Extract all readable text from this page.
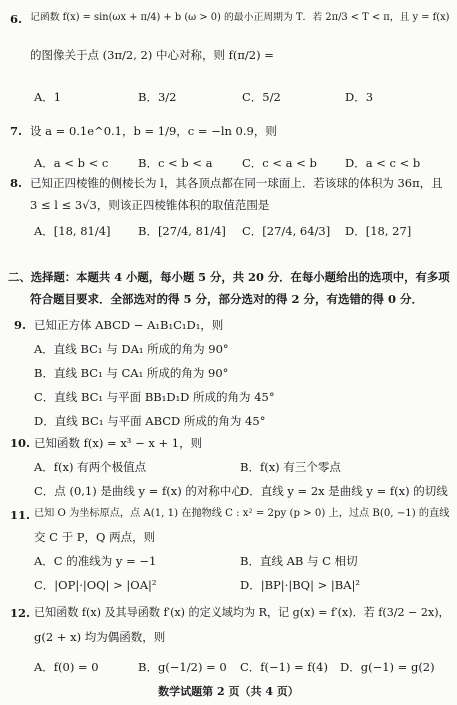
6. 记函数 f(x) = sin(ωx + π/4) + b (ω > 0) 的最小正周期为 T．若 2π/3 < T < π，且 y = f(x)
的图像关于点 (3π/2, 2) 中心对称，则 f(π/2) =
A．1	B．3/2	C．5/2	D．3
7. 设 a = 0.1e^0.1，b = 1/9，c = −ln 0.9，则
A．a < b < c	B．c < b < a	C．c < a < b D．a < c < b
8. 已知正四棱锥的侧棱长为 l，其各顶点都在同一球面上．若该球的体积为 36π，且
3 ≤ l ≤ 3√3，则该正四棱锥体积的取值范围是
A．[18, 81/4] B．[27/4, 81/4] C．[27/4, 64/3] D．[18, 27]
二、选择题：本题共 4 小题，每小题 5 分，共 20 分．在每小题给出的选项中，有多项
符合题目要求．全部选对的得 5 分，部分选对的得 2 分，有选错的得 0 分．
9. 已知正方体 ABCD − A₁B₁C₁D₁，则
A．直线 BC₁ 与 DA₁ 所成的角为 90°
B．直线 BC₁ 与 CA₁ 所成的角为 90°
C．直线 BC₁ 与平面 BB₁D₁D 所成的角为 45°
D．直线 BC₁ 与平面 ABCD 所成的角为 45°
10. 已知函数 f(x) = x³ − x + 1，则
A．f(x) 有两个极值点	B．f(x) 有三个零点
C．点 (0,1) 是曲线 y = f(x) 的对称中心
D．直线 y = 2x 是曲线 y = f(x) 的切线
11. 已知 O 为坐标原点，点 A(1, 1) 在抛物线 C : x² = 2py (p > 0) 上，过点 B(0, −1) 的直线
交 C 于 P，Q 两点，则
A．C 的准线为 y = −1	B．直线 AB 与 C 相切
C．|OP|·|OQ| > |OA|²	D．|BP|·|BQ| > |BA|²
12. 已知函数 f(x) 及其导函数 f′(x) 的定义域均为 R，记 g(x) = f′(x)．若 f(3/2 − 2x)，
g(2 + x) 均为偶函数，则
A．f(0) = 0	B．g(−1/2) = 0 C．f(−1) = f(4) D．g(−1) = g(2)
数学试题第 2 页（共 4 页）
